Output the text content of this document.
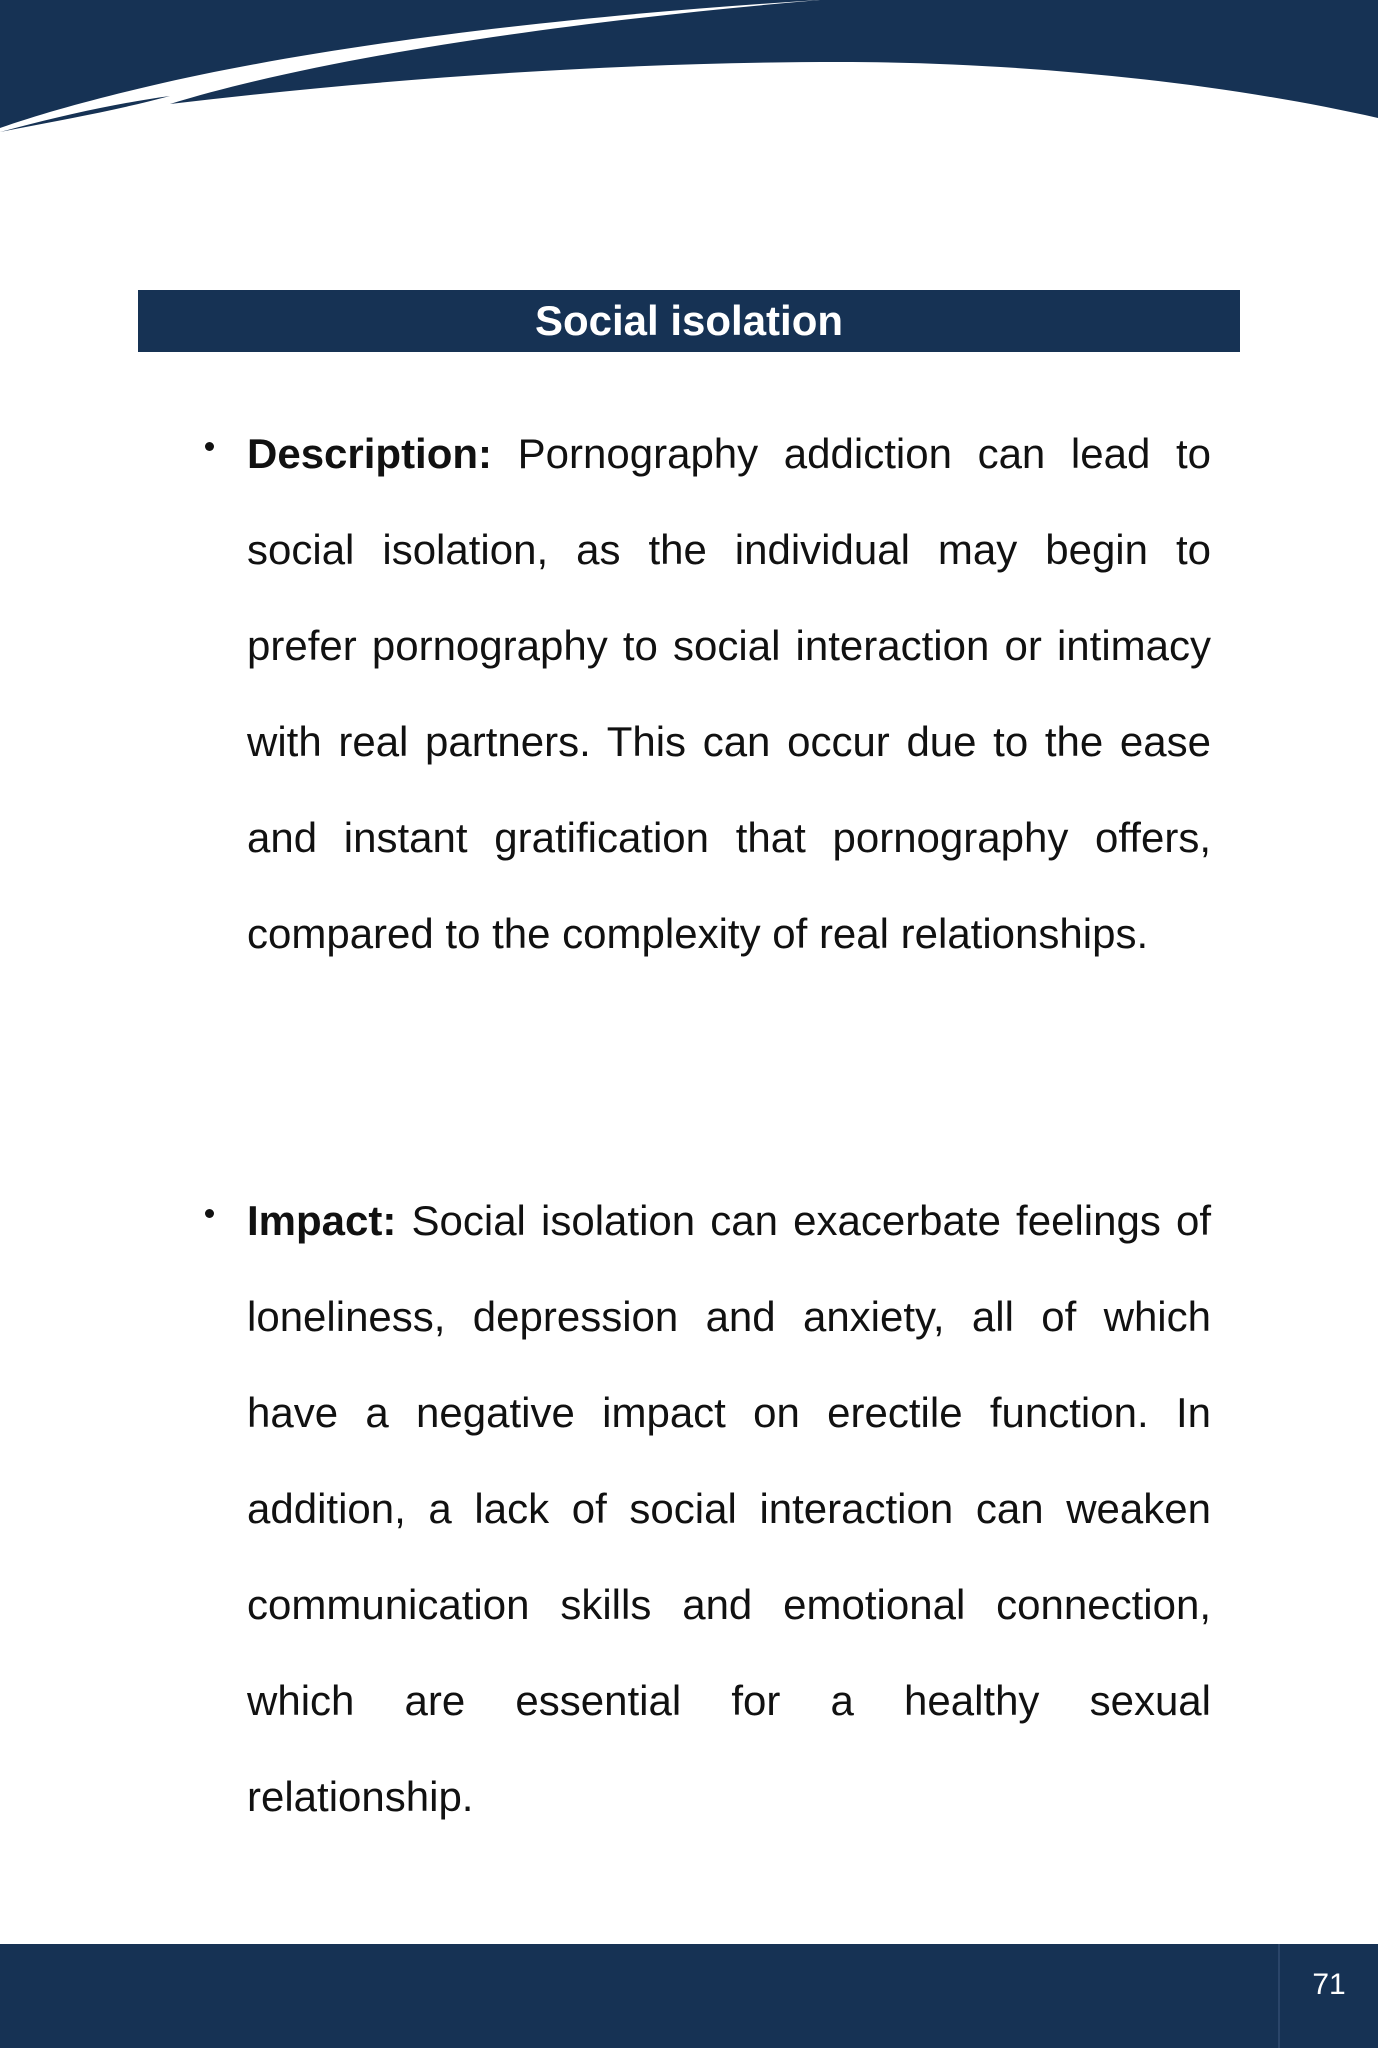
Social isolation

Description: Pornography addiction can lead to social isolation, as the individual may begin to prefer pornography to social interaction or intimacy with real partners. This can occur due to the ease and instant gratification that pornography offers, compared to the complexity of real relationships.

Impact: Social isolation can exacerbate feelings of loneliness, depression and anxiety, all of which have a negative impact on erectile function. In addition, a lack of social interaction can weaken communication skills and emotional connection, which are essential for a healthy sexual relationship.

71
